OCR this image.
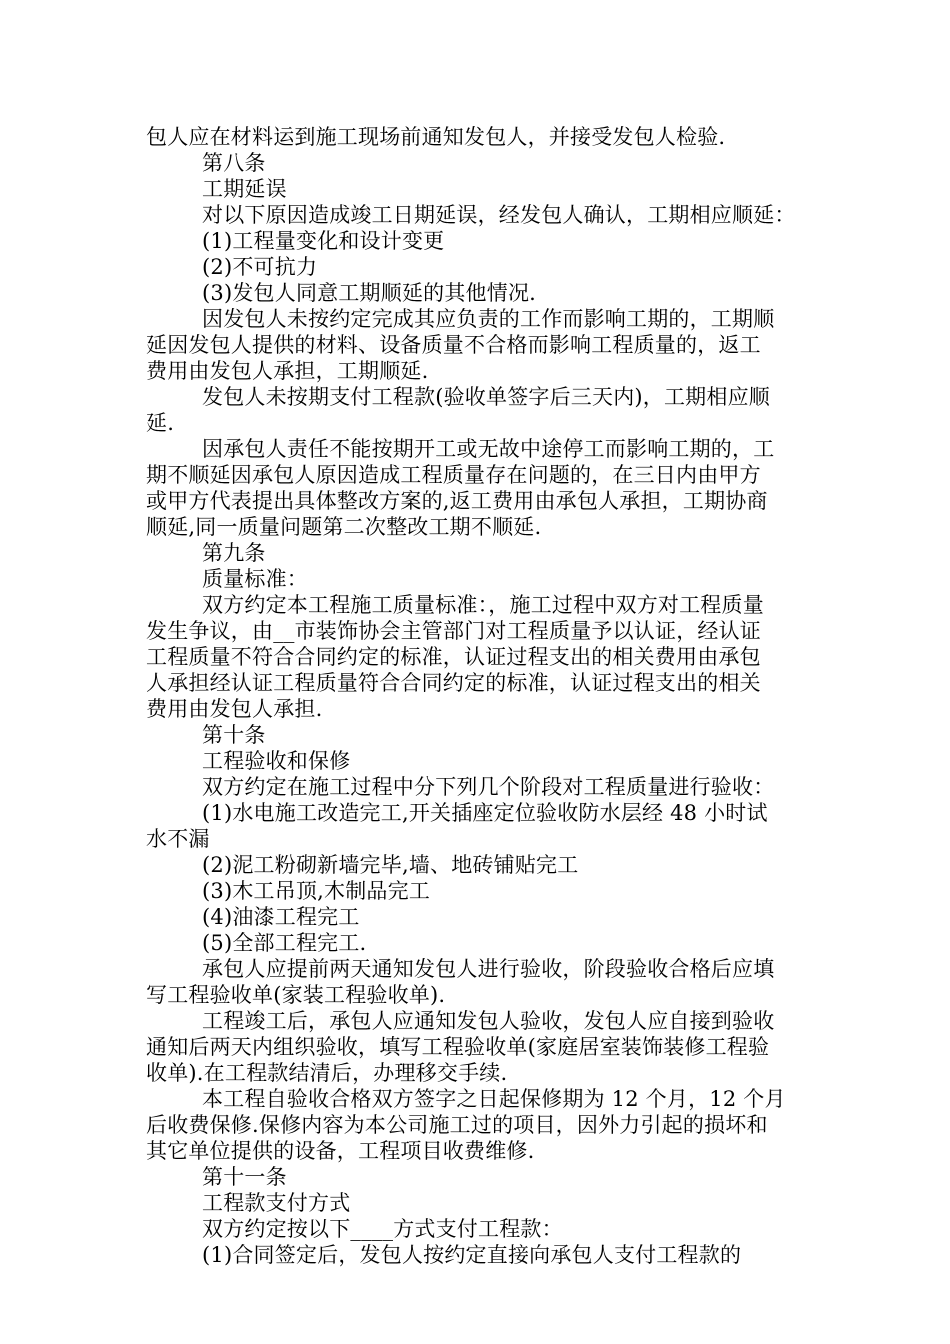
包人应在材料运到施工现场前通知发包人，并接受发包人检验.
第八条
工期延误
对以下原因造成竣工日期延误，经发包人确认，工期相应顺延：
(1)工程量变化和设计变更
(2)不可抗力
(3)发包人同意工期顺延的其他情况.
因发包人未按约定完成其应负责的工作而影响工期的，工期顺
延因发包人提供的材料、设备质量不合格而影响工程质量的，返工
费用由发包人承担，工期顺延.
发包人未按期支付工程款(验收单签字后三天内)，工期相应顺
延.
因承包人责任不能按期开工或无故中途停工而影响工期的，工
期不顺延因承包人原因造成工程质量存在问题的，在三日内由甲方
或甲方代表提出具体整改方案的,返工费用由承包人承担，工期协商
顺延,同一质量问题第二次整改工期不顺延.
第九条
质量标准：
双方约定本工程施工质量标准：，施工过程中双方对工程质量
发生争议，由__市装饰协会主管部门对工程质量予以认证，经认证
工程质量不符合合同约定的标准，认证过程支出的相关费用由承包
人承担经认证工程质量符合合同约定的标准，认证过程支出的相关
费用由发包人承担.
第十条
工程验收和保修
双方约定在施工过程中分下列几个阶段对工程质量进行验收：
(1)水电施工改造完工,开关插座定位验收防水层经 48 小时试
水不漏
(2)泥工粉砌新墙完毕,墙、地砖铺贴完工
(3)木工吊顶,木制品完工
(4)油漆工程完工
(5)全部工程完工.
承包人应提前两天通知发包人进行验收，阶段验收合格后应填
写工程验收单(家装工程验收单).
工程竣工后，承包人应通知发包人验收，发包人应自接到验收
通知后两天内组织验收，填写工程验收单(家庭居室装饰装修工程验
收单).在工程款结清后，办理移交手续.
本工程自验收合格双方签字之日起保修期为 12 个月，12 个月
后收费保修.保修内容为本公司施工过的项目，因外力引起的损坏和
其它单位提供的设备，工程项目收费维修.
第十一条
工程款支付方式
双方约定按以下____方式支付工程款：
(1)合同签定后，发包人按约定直接向承包人支付工程款的
